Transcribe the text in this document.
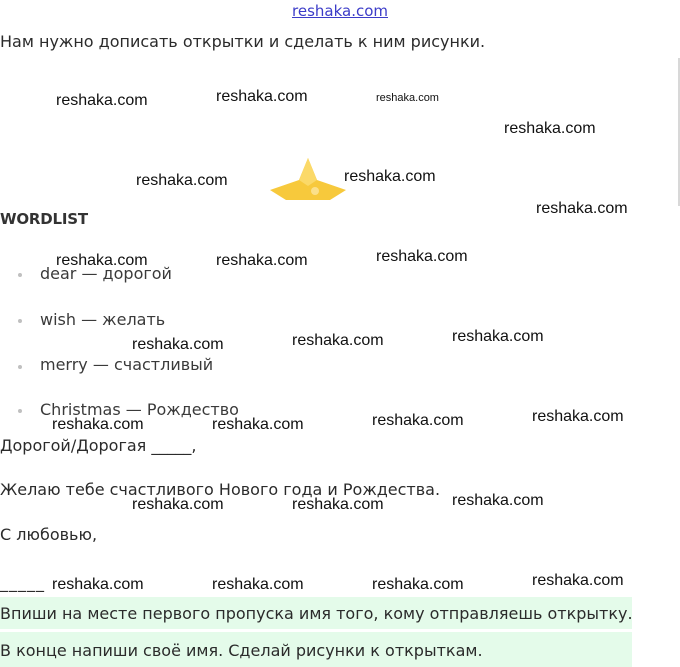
reshaka.com
Нам нужно дописать открытки и сделать к ним рисунки.
WORDLIST
dear — дорогой
wish — желать
merry — счастливый
Christmas — Рождество
Дорогой/Дорогая _____,
Желаю тебе счастливого Нового года и Рождества.
С любовью,
_____
Впиши на месте первого пропуска имя того, кому отправляешь открытку.
В конце напиши своё имя. Сделай рисунки к открыткам.
reshaka.com	reshaka.com	reshaka.com
reshaka.com
reshaka.com	reshaka.com
reshaka.com
reshaka.com	reshaka.com	reshaka.com
reshaka.com	reshaka.com	reshaka.com
reshaka.com	reshaka.com	reshaka.com	reshaka.com
reshaka.com	reshaka.com	reshaka.com
reshaka.com	reshaka.com	reshaka.com	reshaka.com
